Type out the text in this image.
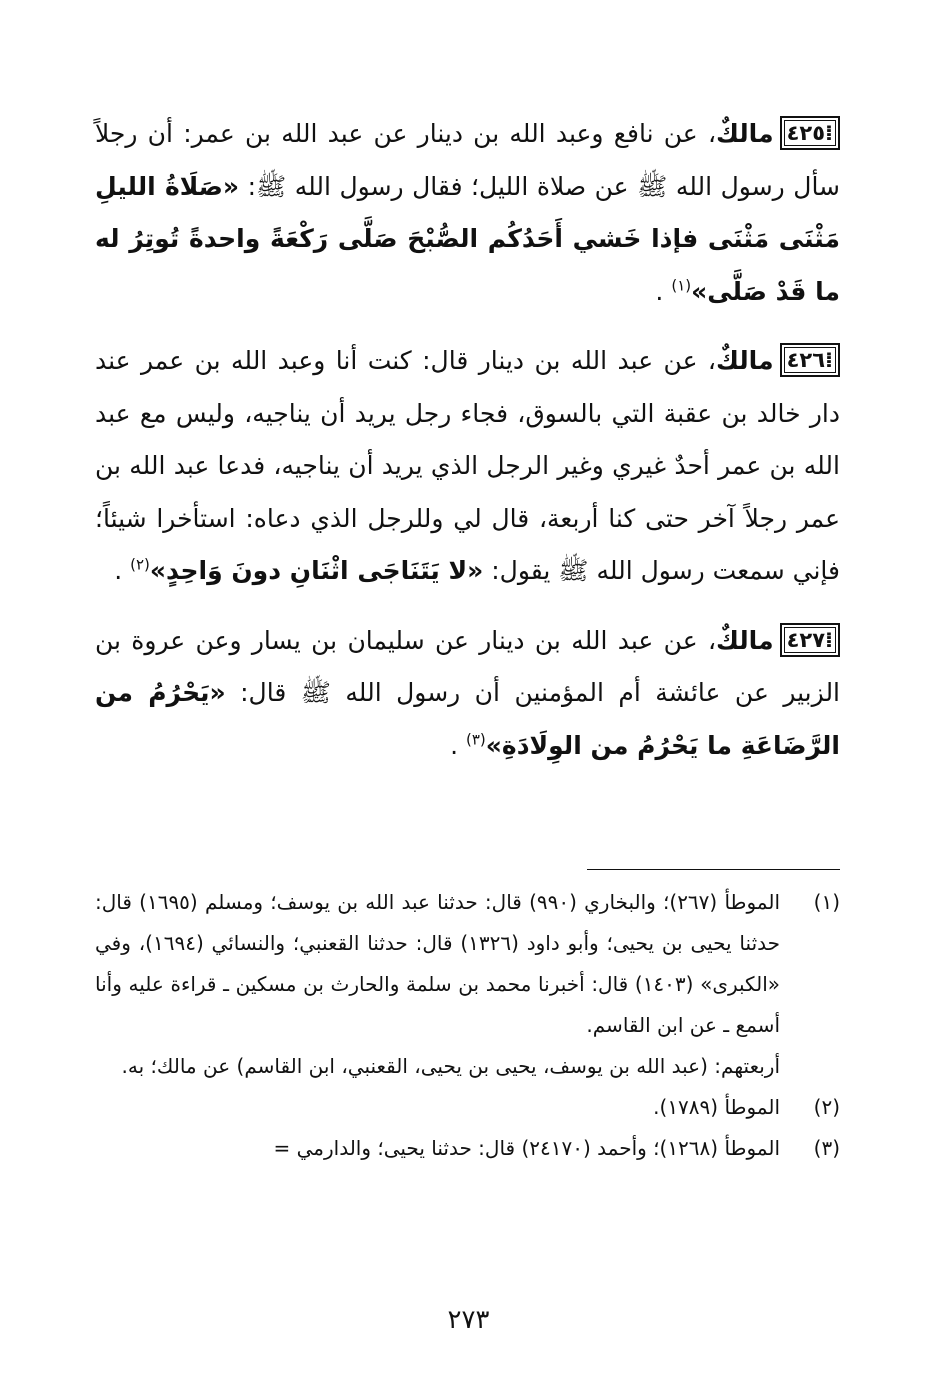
⁞٤٢٥مالكٌ، عن نافع وعبد الله بن دينار عن عبد الله بن عمر: أن رجلاً سأل رسول الله ﷺ عن صلاة الليل؛ فقال رسول الله ﷺ: «صَلَاةُ الليلِ مَثْنَى مَثْنَى فإذا خَشي أَحَدُكُم الصُّبْحَ صَلَّى رَكْعَةً واحدةً تُوتِرُ له ما قَدْ صَلَّى»$^{(١)}$ .

⁞٤٢٦مالكٌ، عن عبد الله بن دينار قال: كنت أنا وعبد الله بن عمر عند دار خالد بن عقبة التي بالسوق، فجاء رجل يريد أن يناجيه، وليس مع عبد الله بن عمر أحدٌ غيري وغير الرجل الذي يريد أن يناجيه، فدعا عبد الله بن عمر رجلاً آخر حتى كنا أربعة، قال لي وللرجل الذي دعاه: استأخرا شيئاً؛ فإني سمعت رسول الله ﷺ يقول: «لا يَتَنَاجَى اثْنَانِ دونَ وَاحِدٍ»$^{(٢)}$ .

⁞٤٢٧مالكٌ، عن عبد الله بن دينار عن سليمان بن يسار وعن عروة بن الزبير عن عائشة أم المؤمنين أن رسول الله ﷺ قال: «يَحْرُمُ من الرَّضَاعَةِ ما يَحْرُمُ من الوِلَادَةِ»$^{(٣)}$ .

(١)

الموطأ (٢٦٧)؛ والبخاري (٩٩٠) قال: حدثنا عبد الله بن يوسف؛ ومسلم (١٦٩٥) قال: حدثنا يحيى بن يحيى؛ وأبو داود (١٣٢٦) قال: حدثنا القعنبي؛ والنسائي (١٦٩٤)، وفي «الكبرى» (١٤٠٣) قال: أخبرنا محمد بن سلمة والحارث بن مسكين ـ قراءة عليه وأنا أسمع ـ عن ابن القاسم.

أربعتهم: (عبد الله بن يوسف، يحيى بن يحيى، القعنبي، ابن القاسم) عن مالك؛ به.

(٢)

الموطأ (١٧٨٩).

(٣)

الموطأ (١٢٦٨)؛ وأحمد (٢٤١٧٠) قال: حدثنا يحيى؛ والدارمي =

٢٧٣
